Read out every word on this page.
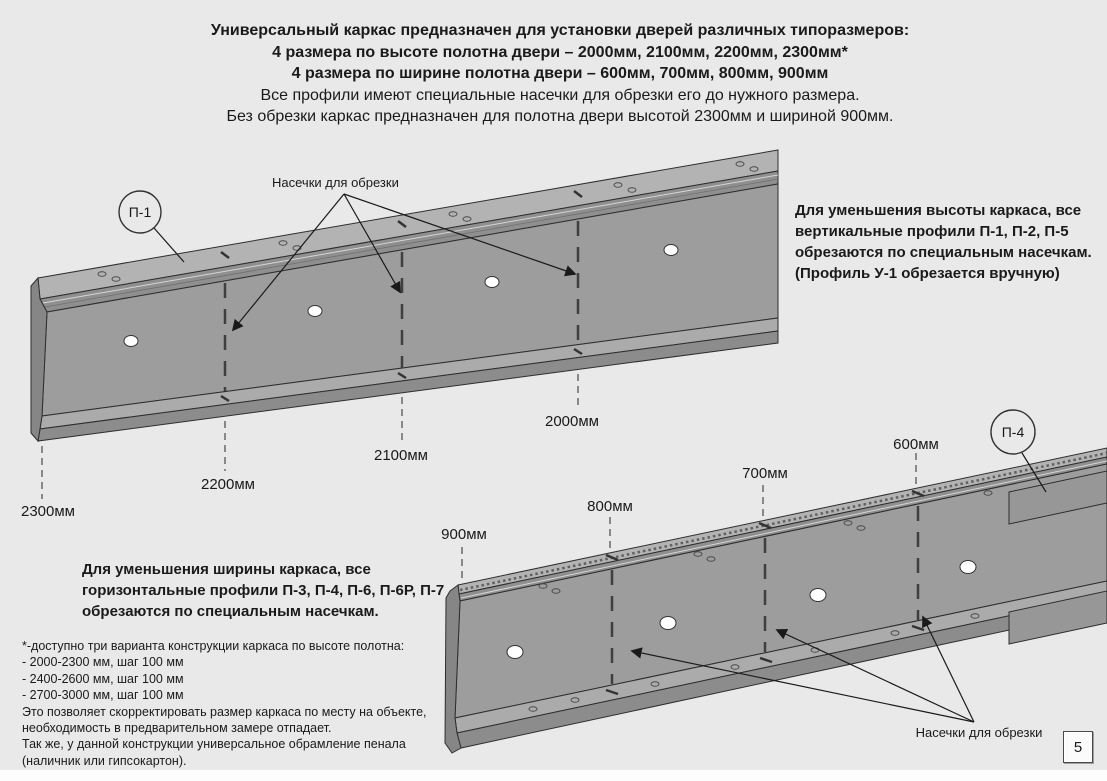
Универсальный каркас предназначен для установки дверей различных типоразмеров:
4 размера по высоте полотна двери – 2000мм, 2100мм, 2200мм, 2300мм*
4 размера по ширине полотна двери – 600мм, 700мм, 800мм, 900мм
Все профили имеют специальные насечки для обрезки его до нужного размера.
Без обрезки каркас предназначен для полотна двери высотой 2300мм и шириной 900мм.
2300мм
2200мм
2100мм
2000мм
900мм
800мм
700мм
600мм
П-1
П-4
Насечки для обрезки
Насечки для обрезки
Для уменьшения высоты каркаса, все
вертикальные профили П-1, П-2, П-5
обрезаются по специальным насечкам.
(Профиль У-1 обрезается вручную)
Для уменьшения ширины каркаса, все
горизонтальные профили П-3, П-4, П-6, П-6Р, П-7
обрезаются по специальным насечкам.
*-доступно три варианта конструкции каркаса по высоте полотна:
- 2000-2300 мм, шаг 100 мм
- 2400-2600 мм, шаг 100 мм
- 2700-3000 мм, шаг 100 мм
Это позволяет скорректировать размер каркаса по месту на объекте,
необходимость в предварительном замере отпадает.
Так же, у данной конструкции универсальное обрамление пенала
(наличник или гипсокартон).
5
